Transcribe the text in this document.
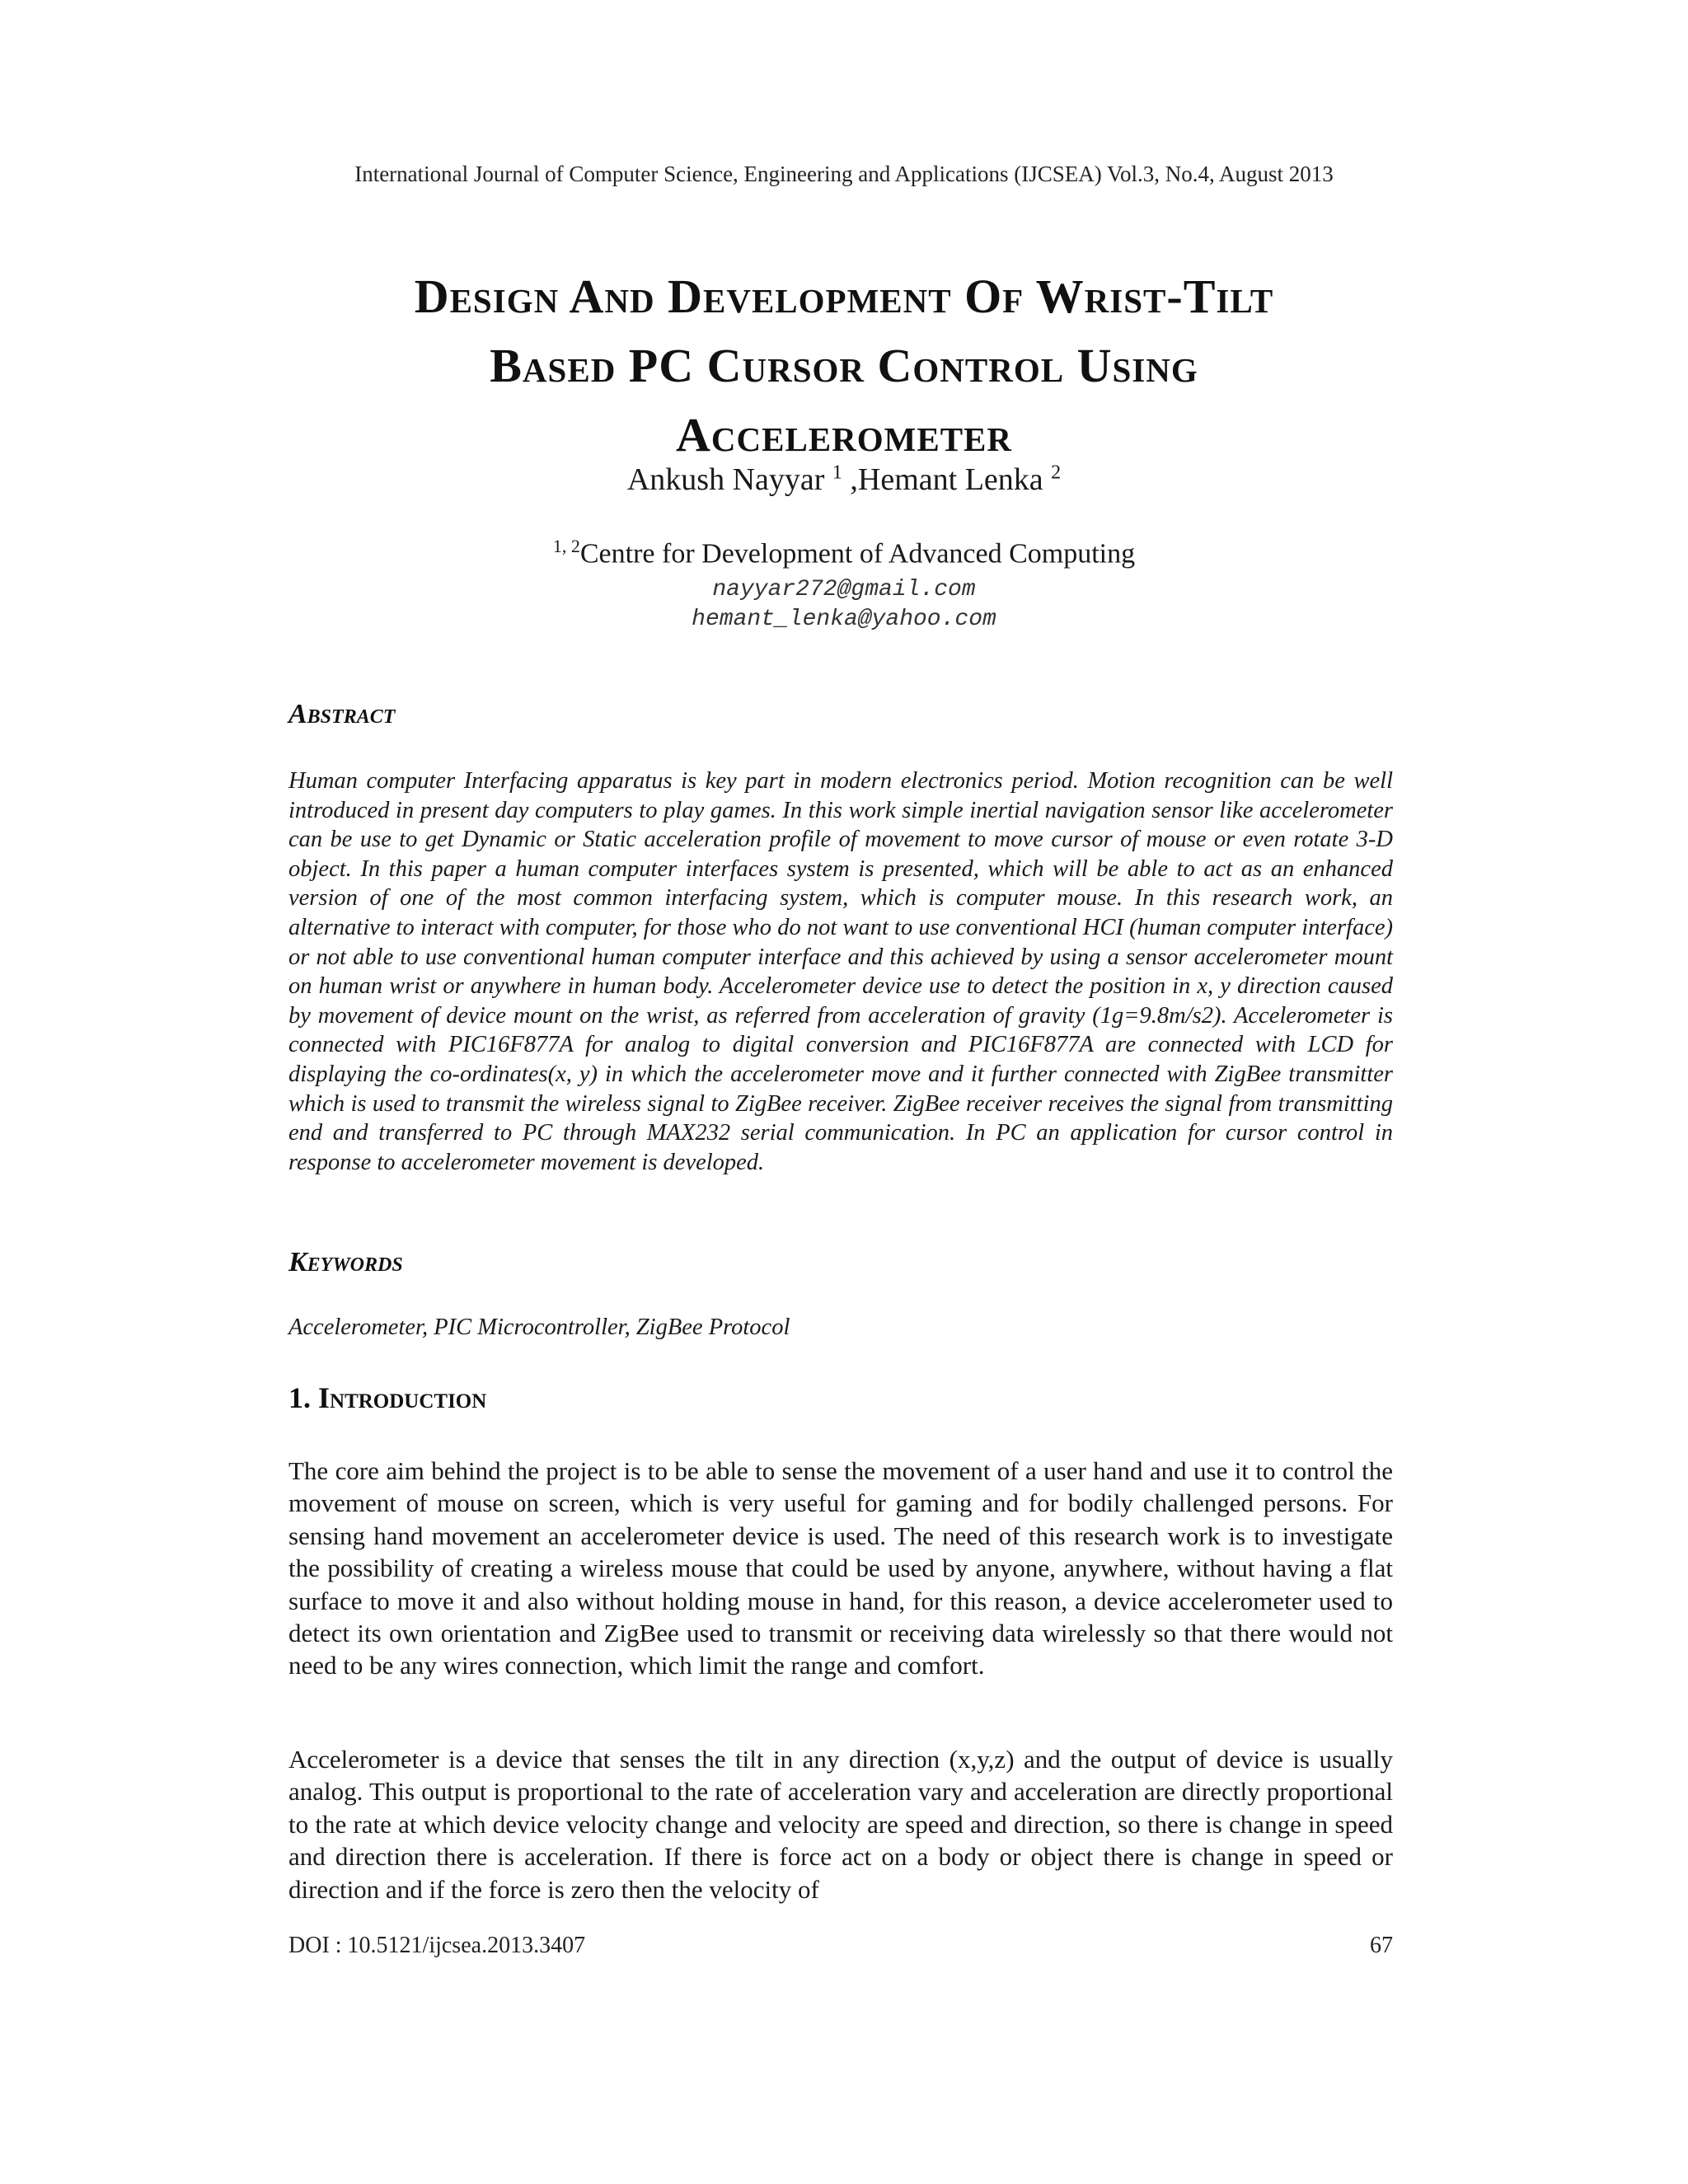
International Journal of Computer Science, Engineering and Applications (IJCSEA) Vol.3, No.4, August 2013
Design And Development Of Wrist-Tilt
Based PC Cursor Control Using
Accelerometer
Ankush Nayyar $^1$ ,Hemant Lenka $^2$
$^{1, 2}$Centre for Development of Advanced Computing
nayyar272@gmail.com
hemant_lenka@yahoo.com
Abstract

Human computer Interfacing apparatus is key part in modern electronics period. Motion recognition can be well introduced in present day computers to play games. In this work simple inertial navigation sensor like accelerometer can be use to get Dynamic or Static acceleration profile of movement to move cursor of mouse or even rotate 3-D object. In this paper a human computer interfaces system is presented, which will be able to act as an enhanced version of one of the most common interfacing system, which is computer mouse. In this research work, an alternative to interact with computer, for those who do not want to use conventional HCI (human computer interface) or not able to use conventional human computer interface and this achieved by using a sensor accelerometer mount on human wrist or anywhere in human body. Accelerometer device use to detect the position in x, y direction caused by movement of device mount on the wrist, as referred from acceleration of gravity (1g=9.8m/s2). Accelerometer is connected with PIC16F877A for analog to digital conversion and PIC16F877A are connected with LCD for displaying the co-ordinates(x, y) in which the accelerometer move and it further connected with ZigBee transmitter which is used to transmit the wireless signal to ZigBee receiver. ZigBee receiver receives the signal from transmitting end and transferred to PC through MAX232 serial communication. In PC an application for cursor control in response to accelerometer movement is developed.

Keywords

Accelerometer, PIC Microcontroller, ZigBee Protocol

1. Introduction

The core aim behind the project is to be able to sense the movement of a user hand and use it to control the movement of mouse on screen, which is very useful for gaming and for bodily challenged persons. For sensing hand movement an accelerometer device is used. The need of this research work is to investigate the possibility of creating a wireless mouse that could be used by anyone, anywhere, without having a flat surface to move it and also without holding mouse in hand, for this reason, a device accelerometer used to detect its own orientation and ZigBee used to transmit or receiving data wirelessly so that there would not need to be any wires connection, which limit the range and comfort.

Accelerometer is a device that senses the tilt in any direction (x,y,z) and the output of device is usually analog. This output is proportional to the rate of acceleration vary and acceleration are directly proportional to the rate at which device velocity change and velocity are speed and direction, so there is change in speed and direction there is acceleration. If there is force act on a body or object there is change in speed or direction and if the force is zero then the velocity of

DOI : 10.5121/ijcsea.2013.3407	67
